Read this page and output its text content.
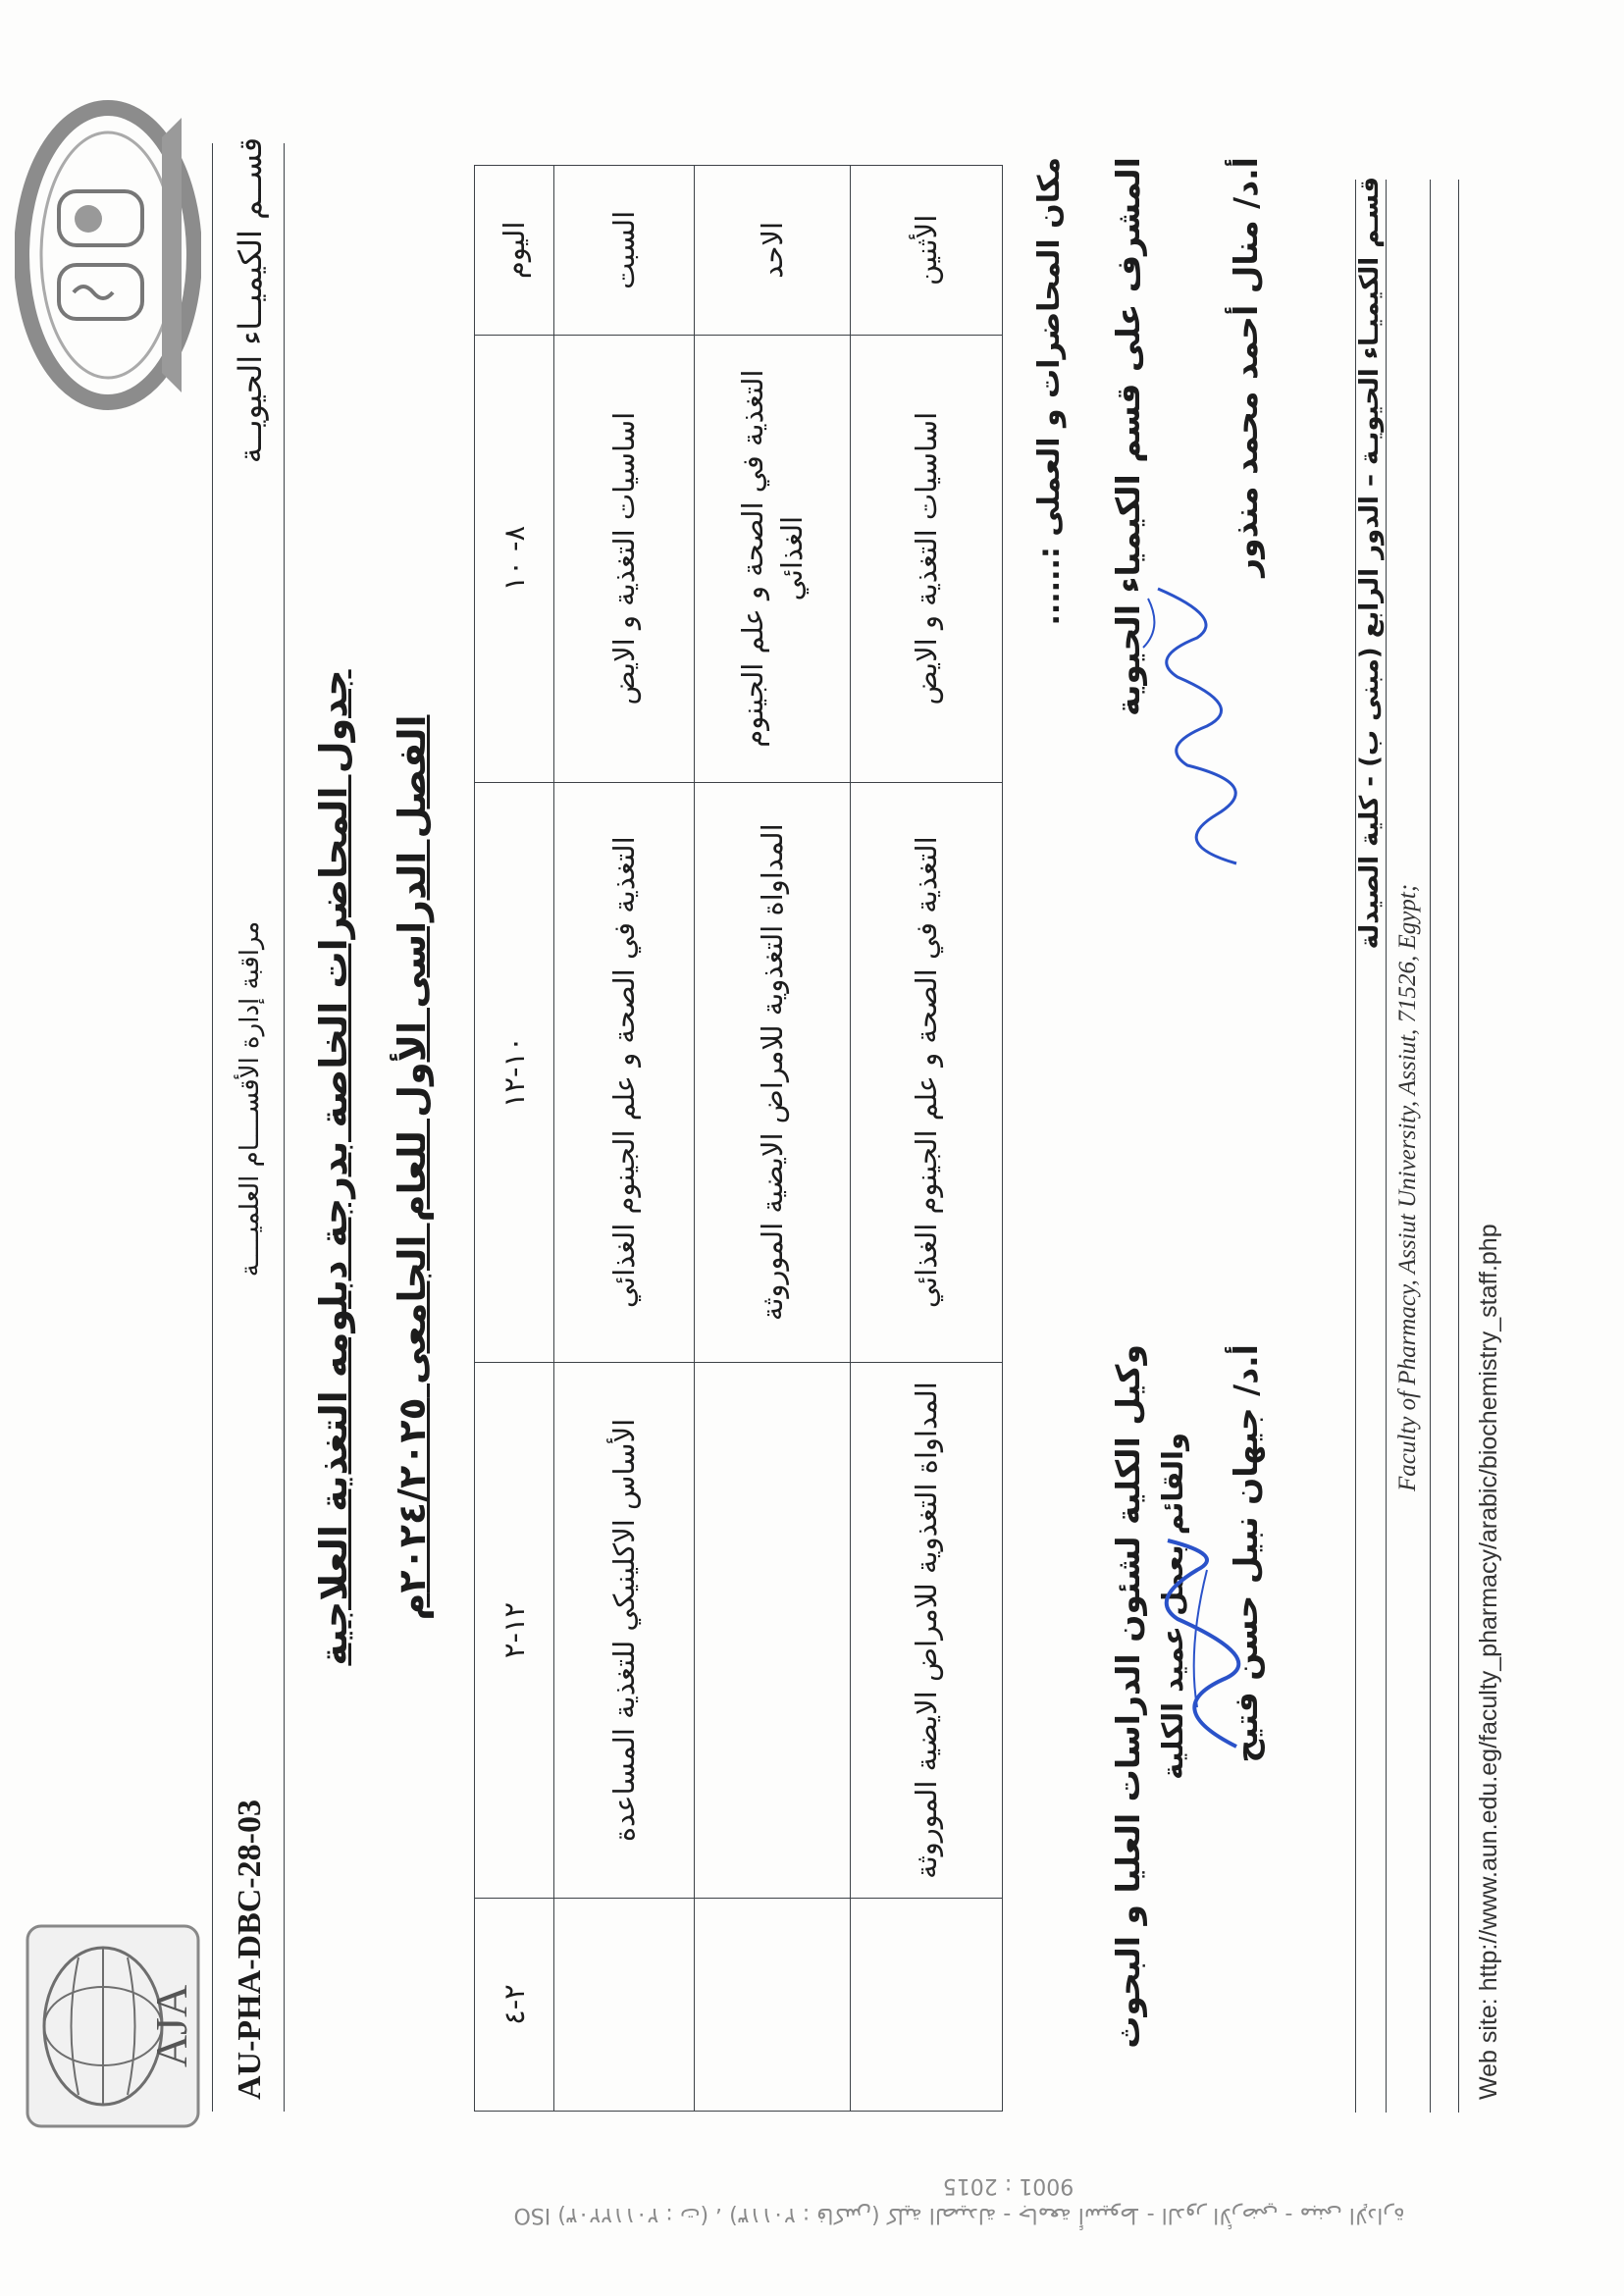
AJA
قســم الكيميــاء الحيويــة
مراقبة إدارة الأقســــام العلميــــة
AU-PHA-DBC-28-03
جدول المحاضرات الخاصة بدرجة دبلومه التغذية العلاجية الفصل الدراسى الأول للعام الجامعى ٢٠٢٤/٢٠٢٥م
اليوم	٨- ١٠	١٠-١٢	١٢-٢	٢-٤
السبت	اساسيات التغذية و الايض	التغذية في الصحة و علم الجينوم الغذائي	الأساس الاكلينيكي للتغذية المساعدة	
الاحد	التغذية في الصحة و علم الجينوم الغذائي	المداواة التغذوية للامراض الايضية الموروثة		
الأثنين	اساسيات التغذية و الايض	التغذية في الصحة و علم الجينوم الغذائي	المداواة التغذوية للامراض الايضية الموروثة	
مكان المحاضرات و العملى :......	المشرف على قسم الكيمياء الحيوية	أ.د/ منال أحمد محمد منذور
وكيل الكلية لشئون الدراسات العليا و البحوث والقائم بعمل عميد الكلية	أ.د/ جيهان نبيل حسن فتيح
قسـم الكيميـاء الحيويـة – الدور الرابع (مبنى ب) - كلية الصيدلة
Faculty of Pharmacy, Assiut University, Assiut, 71526, Egypt;
Web site: http://www.aun.edu.eg/faculty_pharmacy/arabic/biochemistry_staff.php
9001 : 2015
ISO (٢٠١١٢٢٠٣ : ت) ، (٢٠١١٣ : فاكس) كلية الصيدلة - جامعة أسيوط - الدور الأرضي - مبنى الإدارة
